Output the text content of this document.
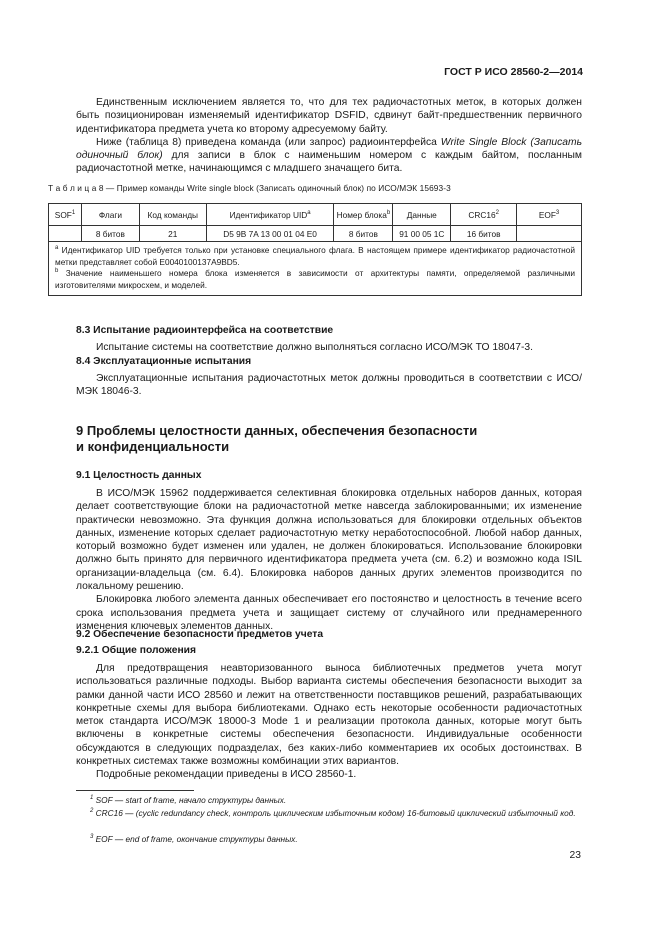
ГОСТ Р ИСО 28560-2—2014

Единственным исключением является то, что для тех радиочастотных меток, в которых должен быть позиционирован изменяемый идентификатор DSFID, сдвинут байт-предшественник первичного идентификатора предмета учета ко второму адресуемому байту.

Ниже (таблица 8) приведена команда (или запрос) радиоинтерфейса Write Single Block (Записать одиночный блок) для записи в блок с наименьшим номером с каждым байтом, посланным радиочастотной метке, начинающимся с младшего значащего бита.

Т а б л и ц а 8 — Пример команды Write single block (Записать одиночный блок) по ИСО/МЭК 15693-3
SOF$^1$	Флаги	Код команды	Идентификатор UID$^a$	Номер блока$^b$	Данные	$CRC16^2$	EOF$^3$
	8 битов	21	D5 9B 7A 13 00 01 04 E0	8 битов	91 00 05 1C	16 битов	

$^a$ Идентификатор UID требуется только при установке специального флага. В настоящем примере идентификатор радиочастотной метки представляет собой E0040100137A9BD5.
$^b$ Значение наименьшего номера блока изменяется в зависимости от архитектуры памяти, определяемой различными изготовителями микросхем, и моделей.							
8.3 Испытание радиоинтерфейса на соответствие

Испытание системы на соответствие должно выполняться согласно ИСО/МЭК ТО 18047-3.

8.4 Эксплуатационные испытания

Эксплуатационные испытания радиочастотных меток должны проводиться в соответствии с ИСО/МЭК 18046-3.

9 Проблемы целостности данных, обеспечения безопасности
и конфиденциальности
9.1 Целостность данных

В ИСО/МЭК 15962 поддерживается селективная блокировка отдельных наборов данных, которая делает соответствующие блоки на радиочастотной метке навсегда заблокированными; их изменение практически невозможно. Эта функция должна использоваться для блокировки отдельных объектов данных, изменение которых сделает радиочастотную метку неработоспособной. Любой набор данных, который возможно будет изменен или удален, не должен блокироваться. Использование блокировки должно быть принято для первичного идентификатора предмета учета (см. 6.2) и возможно кода ISIL организации-владельца (см. 6.4). Блокировка наборов данных других элементов производится по локальному решению.

Блокировка любого элемента данных обеспечивает его постоянство и целостность в течение всего срока использования предмета учета и защищает систему от случайного или преднамеренного изменения ключевых элементов данных.

9.2 Обеспечение безопасности предметов учета
9.2.1 Общие положения

Для предотвращения неавторизованного выноса библиотечных предметов учета могут использоваться различные подходы. Выбор варианта системы обеспечения безопасности выходит за рамки данной части ИСО 28560 и лежит на ответственности поставщиков решений, разрабатывающих конкретные схемы для выбора библиотеками. Однако есть некоторые особенности радиочастотных меток стандарта ИСО/МЭК 18000-3 Mode 1 и реализации протокола данных, которые могут быть включены в конкретные системы обеспечения безопасности. Индивидуальные особенности обсуждаются в следующих подразделах, без каких-либо комментариев их особых достоинствах. В конкретных системах также возможны комбинации этих вариантов.

Подробные рекомендации приведены в ИСО 28560-1.

$^1$ SOF — start of frame, начало структуры данных.
$^2$ CRC16 — (cyclic redundancy check, контроль циклическим избыточным кодом) 16-битовый циклический избыточный код.
$^3$ EOF — end of frame, окончание структуры данных.
23
